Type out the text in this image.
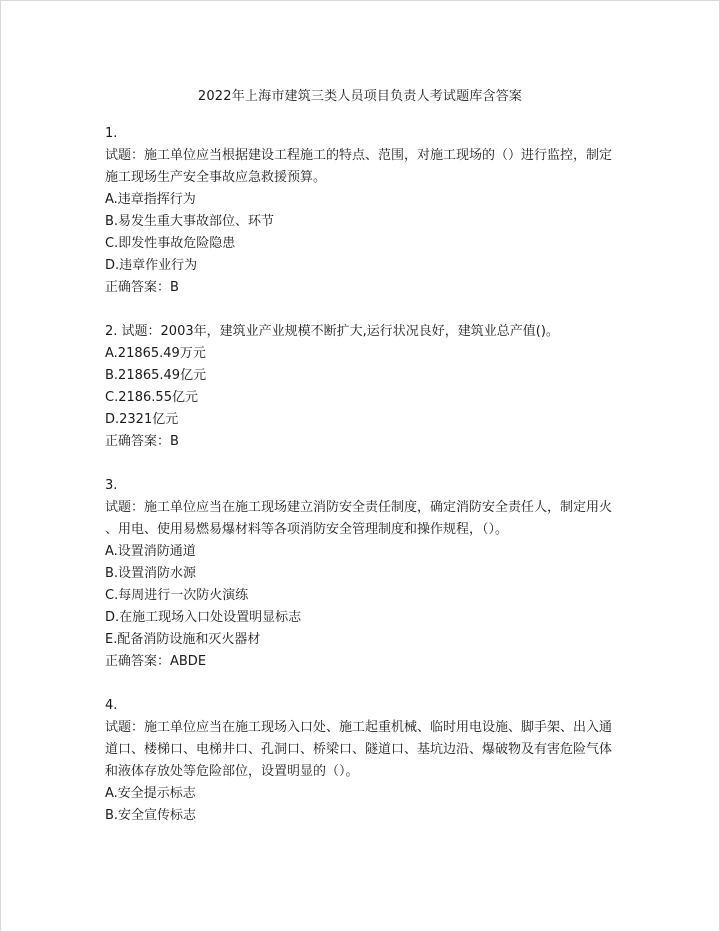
2022年上海市建筑三类人员项目负责人考试题库含答案
1.
试题：施工单位应当根据建设工程施工的特点、范围，对施工现场的（）进行监控，制定
施工现场生产安全事故应急救援预算。
A.违章指挥行为
B.易发生重大事故部位、环节
C.即发性事故危险隐患
D.违章作业行为
正确答案：B
2. 试题：2003年，建筑业产业规模不断扩大,运行状况良好，建筑业总产值()。
A.21865.49万元
B.21865.49亿元
C.2186.55亿元
D.2321亿元
正确答案：B
3.
试题：施工单位应当在施工现场建立消防安全责任制度，确定消防安全责任人，制定用火
、用电、使用易燃易爆材料等各项消防安全管理制度和操作规程，（）。
A.设置消防通道
B.设置消防水源
C.每周进行一次防火演练
D.在施工现场入口处设置明显标志
E.配备消防设施和灭火器材
正确答案：ABDE
4.
试题：施工单位应当在施工现场入口处、施工起重机械、临时用电设施、脚手架、出入通
道口、楼梯口、电梯井口、孔洞口、桥梁口、隧道口、基坑边沿、爆破物及有害危险气体
和液体存放处等危险部位，设置明显的（）。
A.安全提示标志
B.安全宣传标志
